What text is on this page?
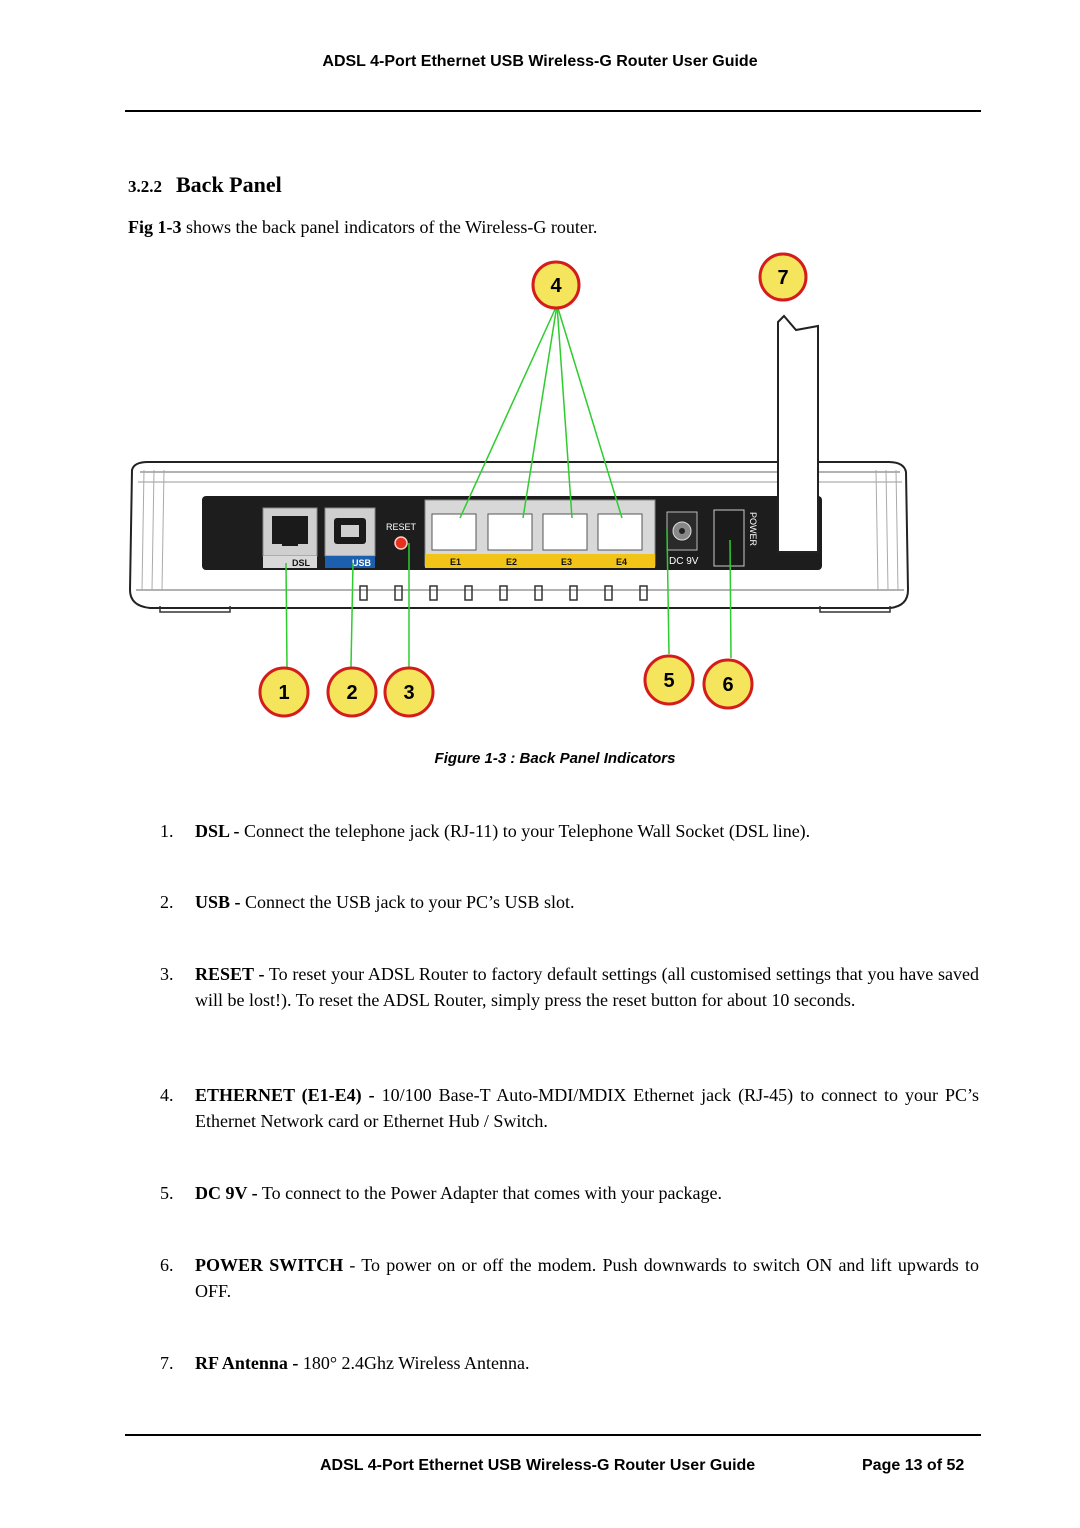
ADSL 4-Port Ethernet USB Wireless-G Router User Guide
3.2.2 Back Panel
Fig 1-3 shows the back panel indicators of the Wireless-G router.
DSL	USB
RESET
E1	E2	E3	E4	DC 9V
POWER
4	7
1	2 3
5 6
Figure 1-3 : Back Panel Indicators
1.	DSL - Connect the telephone jack (RJ-11) to your Telephone Wall Socket (DSL line).
2.	USB - Connect the USB jack to your PC’s USB slot.
3.	RESET - To reset your ADSL Router to factory default settings (all customised settings that you have saved will be lost!). To reset the ADSL Router, simply press the reset button for about 10 seconds.
4.	ETHERNET (E1-E4) - 10/100 Base-T Auto-MDI/MDIX Ethernet jack (RJ-45) to connect to your PC’s Ethernet Network card or Ethernet Hub / Switch.
5.	DC 9V - To connect to the Power Adapter that comes with your package.
6.	POWER SWITCH - To power on or off the modem. Push downwards to switch ON and lift upwards to OFF.
7.	RF Antenna - 180° 2.4Ghz Wireless Antenna.
ADSL 4-Port Ethernet USB Wireless-G Router User Guide	Page 13 of 52
